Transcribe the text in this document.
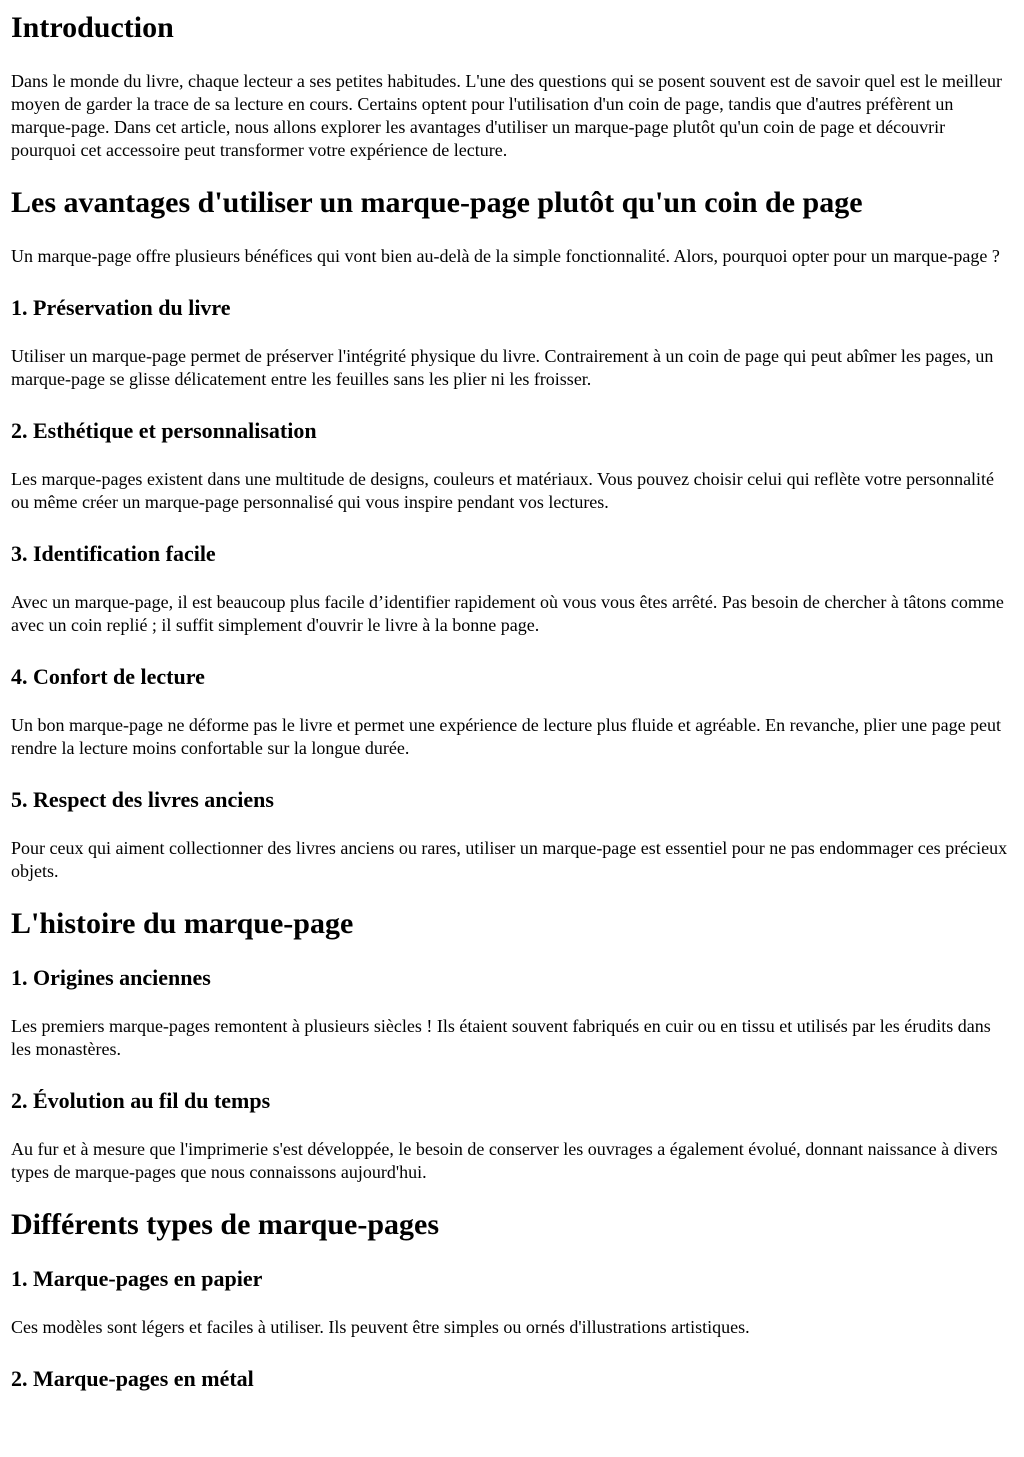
Introduction

Dans le monde du livre, chaque lecteur a ses petites habitudes. L'une des questions qui se posent souvent est de savoir quel est le meilleur moyen de garder la trace de sa lecture en cours. Certains optent pour l'utilisation d'un coin de page, tandis que d'autres préfèrent un marque-page. Dans cet article, nous allons explorer les avantages d'utiliser un marque-page plutôt qu'un coin de page et découvrir pourquoi cet accessoire peut transformer votre expérience de lecture.

Les avantages d'utiliser un marque-page plutôt qu'un coin de page

Un marque-page offre plusieurs bénéfices qui vont bien au-delà de la simple fonctionnalité. Alors, pourquoi opter pour un marque-page ?

1. Préservation du livre

Utiliser un marque-page permet de préserver l'intégrité physique du livre. Contrairement à un coin de page qui peut abîmer les pages, un marque-page se glisse délicatement entre les feuilles sans les plier ni les froisser.

2. Esthétique et personnalisation

Les marque-pages existent dans une multitude de designs, couleurs et matériaux. Vous pouvez choisir celui qui reflète votre personnalité ou même créer un marque-page personnalisé qui vous inspire pendant vos lectures.

3. Identification facile

Avec un marque-page, il est beaucoup plus facile d’identifier rapidement où vous vous êtes arrêté. Pas besoin de chercher à tâtons comme avec un coin replié ; il suffit simplement d'ouvrir le livre à la bonne page.

4. Confort de lecture

Un bon marque-page ne déforme pas le livre et permet une expérience de lecture plus fluide et agréable. En revanche, plier une page peut rendre la lecture moins confortable sur la longue durée.

5. Respect des livres anciens

Pour ceux qui aiment collectionner des livres anciens ou rares, utiliser un marque-page est essentiel pour ne pas endommager ces précieux objets.

L'histoire du marque-page
1. Origines anciennes

Les premiers marque-pages remontent à plusieurs siècles ! Ils étaient souvent fabriqués en cuir ou en tissu et utilisés par les érudits dans les monastères.

2. Évolution au fil du temps

Au fur et à mesure que l'imprimerie s'est développée, le besoin de conserver les ouvrages a également évolué, donnant naissance à divers types de marque-pages que nous connaissons aujourd'hui.

Différents types de marque-pages
1. Marque-pages en papier

Ces modèles sont légers et faciles à utiliser. Ils peuvent être simples ou ornés d'illustrations artistiques.

2. Marque-pages en métal
